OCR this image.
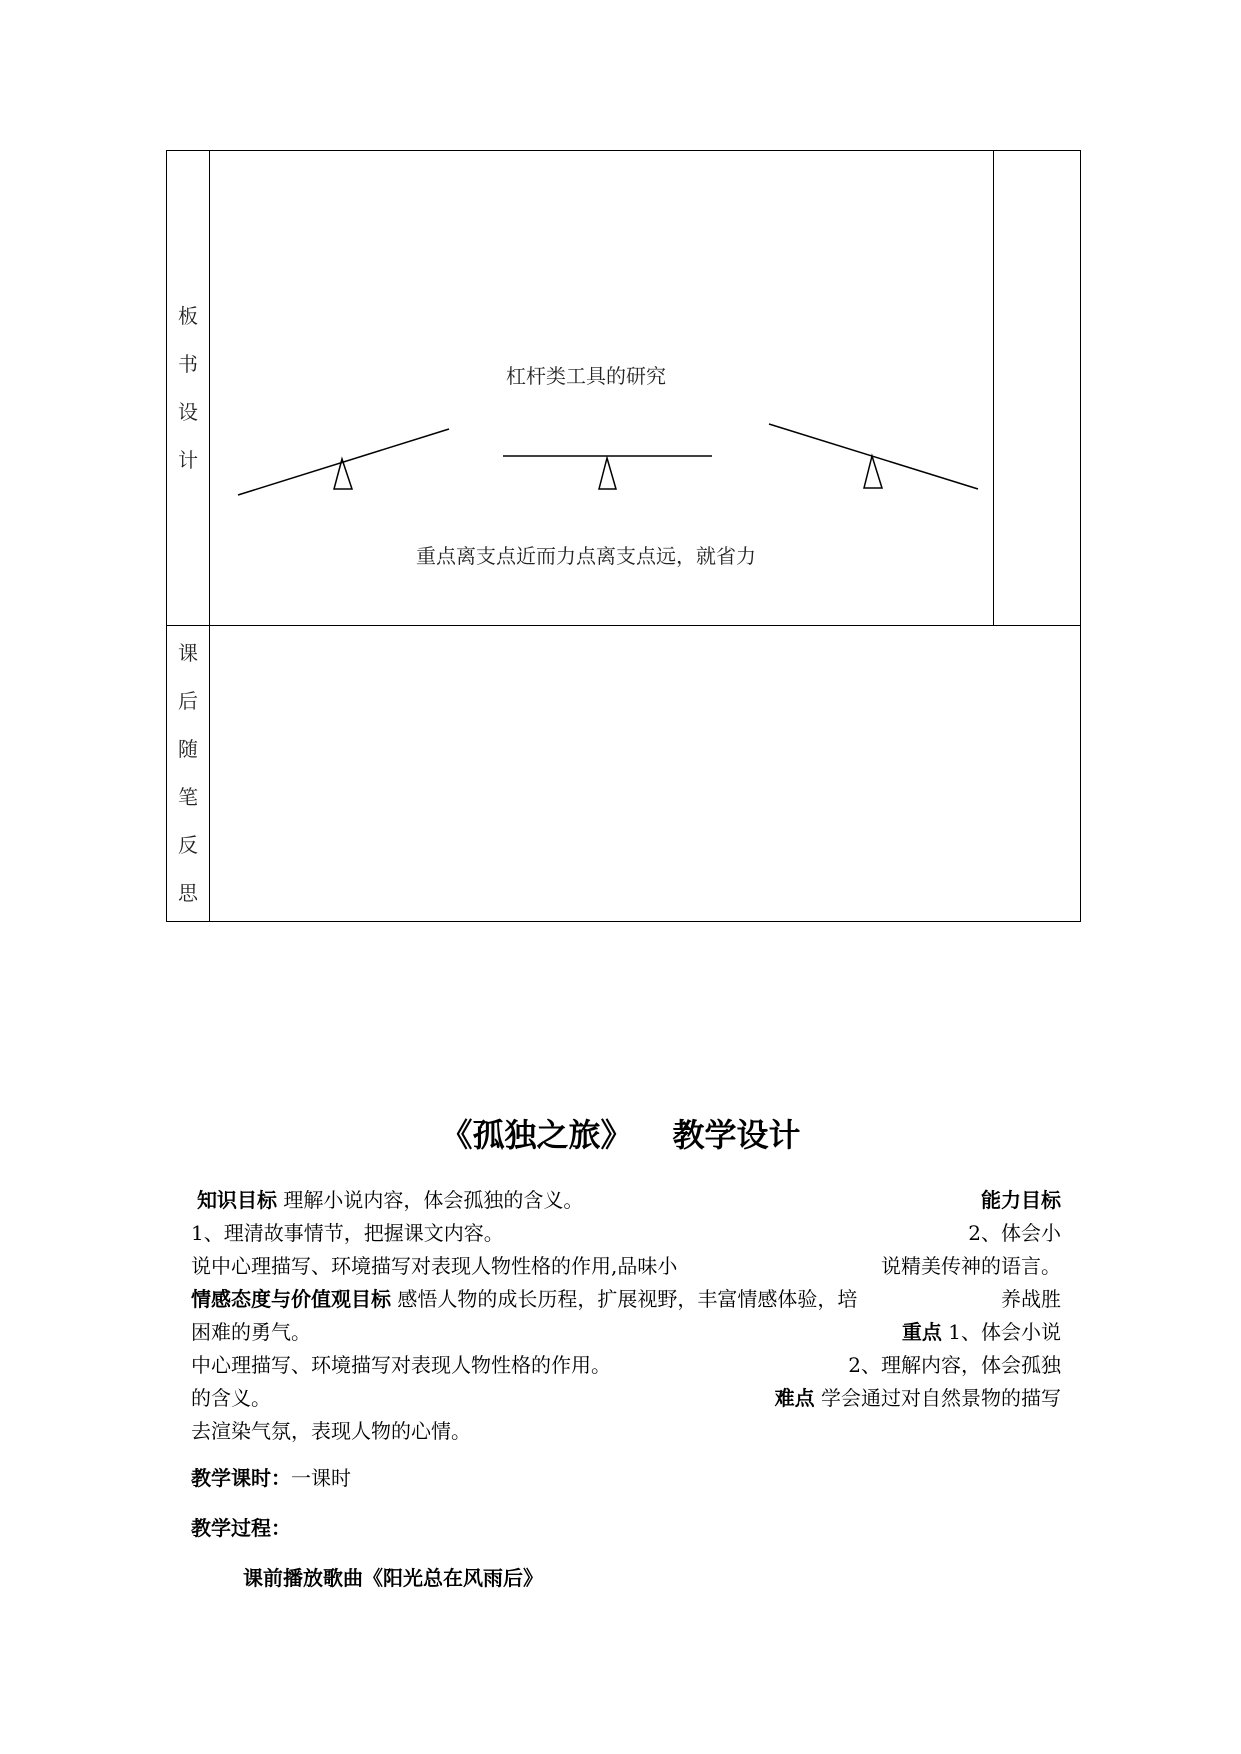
板
书
设
计
杠杆类工具的研究
重点离支点近而力点离支点远，就省力
课
后
随
笔
反
思
《孤独之旅》 教学设计
知识目标 理解小说内容，体会孤独的含义。	能力目标
1、理清故事情节，把握课文内容。	2、体会小
说中心理描写、环境描写对表现人物性格的作用,品味小	说精美传神的语言。
情感态度与价值观目标 感悟人物的成长历程，扩展视野，丰富情感体验，培	养战胜
困难的勇气。	重点 1、体会小说
中心理描写、环境描写对表现人物性格的作用。	2、理解内容，体会孤独
的含义。	难点 学会通过对自然景物的描写
去渲染气氛，表现人物的心情。
教学课时：一课时
教学过程：
课前播放歌曲《阳光总在风雨后》
